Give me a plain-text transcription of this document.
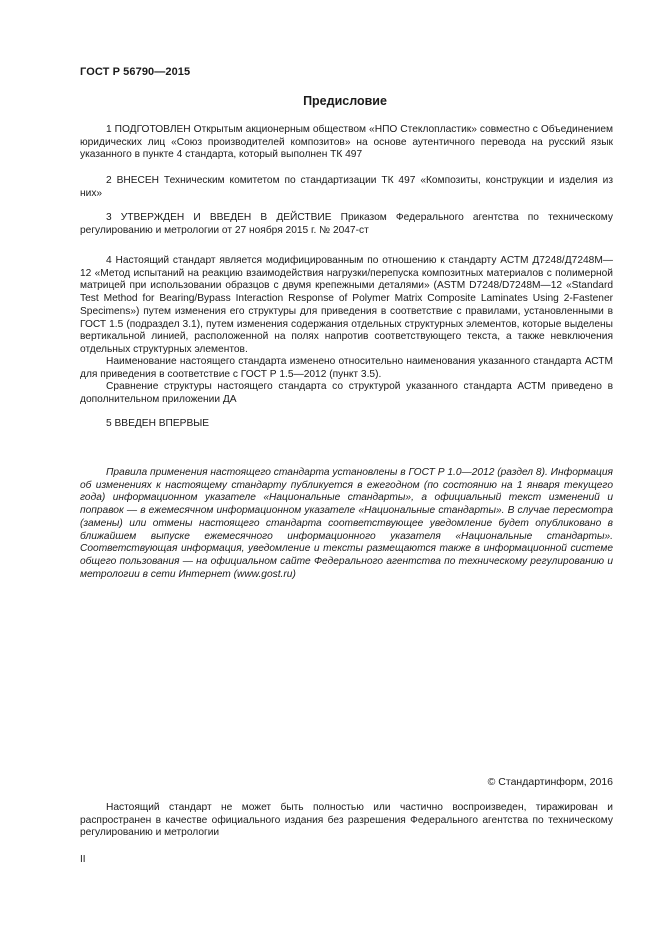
ГОСТ Р 56790—2015
Предисловие

1 ПОДГОТОВЛЕН Открытым акционерным обществом «НПО Стеклопластик» совместно с Объединением юридических лиц «Союз производителей композитов» на основе аутентичного перевода на русский язык указанного в пункте 4 стандарта, который выполнен ТК 497

2 ВНЕСЕН Техническим комитетом по стандартизации ТК 497 «Композиты, конструкции и изделия из них»

3 УТВЕРЖДЕН И ВВЕДЕН В ДЕЙСТВИЕ Приказом Федерального агентства по техническому регулированию и метрологии от 27 ноября 2015 г. № 2047-ст

4 Настоящий стандарт является модифицированным по отношению к стандарту АСТМ Д7248/Д7248М—12 «Метод испытаний на реакцию взаимодействия нагрузки/перепуска композитных материалов с полимерной матрицей при использовании образцов с двумя крепежными деталями» (ASTM D7248/D7248M—12 «Standard Test Method for Bearing/Bypass Interaction Response of Polymer Matrix Composite Laminates Using 2-Fastener Specimens») путем изменения его структуры для приведения в соответствие с правилами, установленными в ГОСТ 1.5 (подраздел 3.1), путем изменения содержания отдельных структурных элементов, которые выделены вертикальной линией, расположенной на полях напротив соответствующего текста, а также невключения отдельных структурных элементов.

Наименование настоящего стандарта изменено относительно наименования указанного стандарта АСТМ для приведения в соответствие с ГОСТ Р 1.5—2012 (пункт 3.5).

Сравнение структуры настоящего стандарта со структурой указанного стандарта АСТМ приведено в дополнительном приложении ДА

5 ВВЕДЕН ВПЕРВЫЕ

Правила применения настоящего стандарта установлены в ГОСТ Р 1.0—2012 (раздел 8). Информация об изменениях к настоящему стандарту публикуется в ежегодном (по состоянию на 1 января текущего года) информационном указателе «Национальные стандарты», а официальный текст изменений и поправок — в ежемесячном информационном указателе «Национальные стандарты». В случае пересмотра (замены) или отмены настоящего стандарта соответствующее уведомление будет опубликовано в ближайшем выпуске ежемесячного информационного указателя «Национальные стандарты». Соответствующая информация, уведомление и тексты размещаются также в информационной системе общего пользования — на официальном сайте Федерального агентства по техническому регулированию и метрологии в сети Интернет (www.gost.ru)

© Стандартинформ, 2016

Настоящий стандарт не может быть полностью или частично воспроизведен, тиражирован и распространен в качестве официального издания без разрешения Федерального агентства по техническому регулированию и метрологии

II
